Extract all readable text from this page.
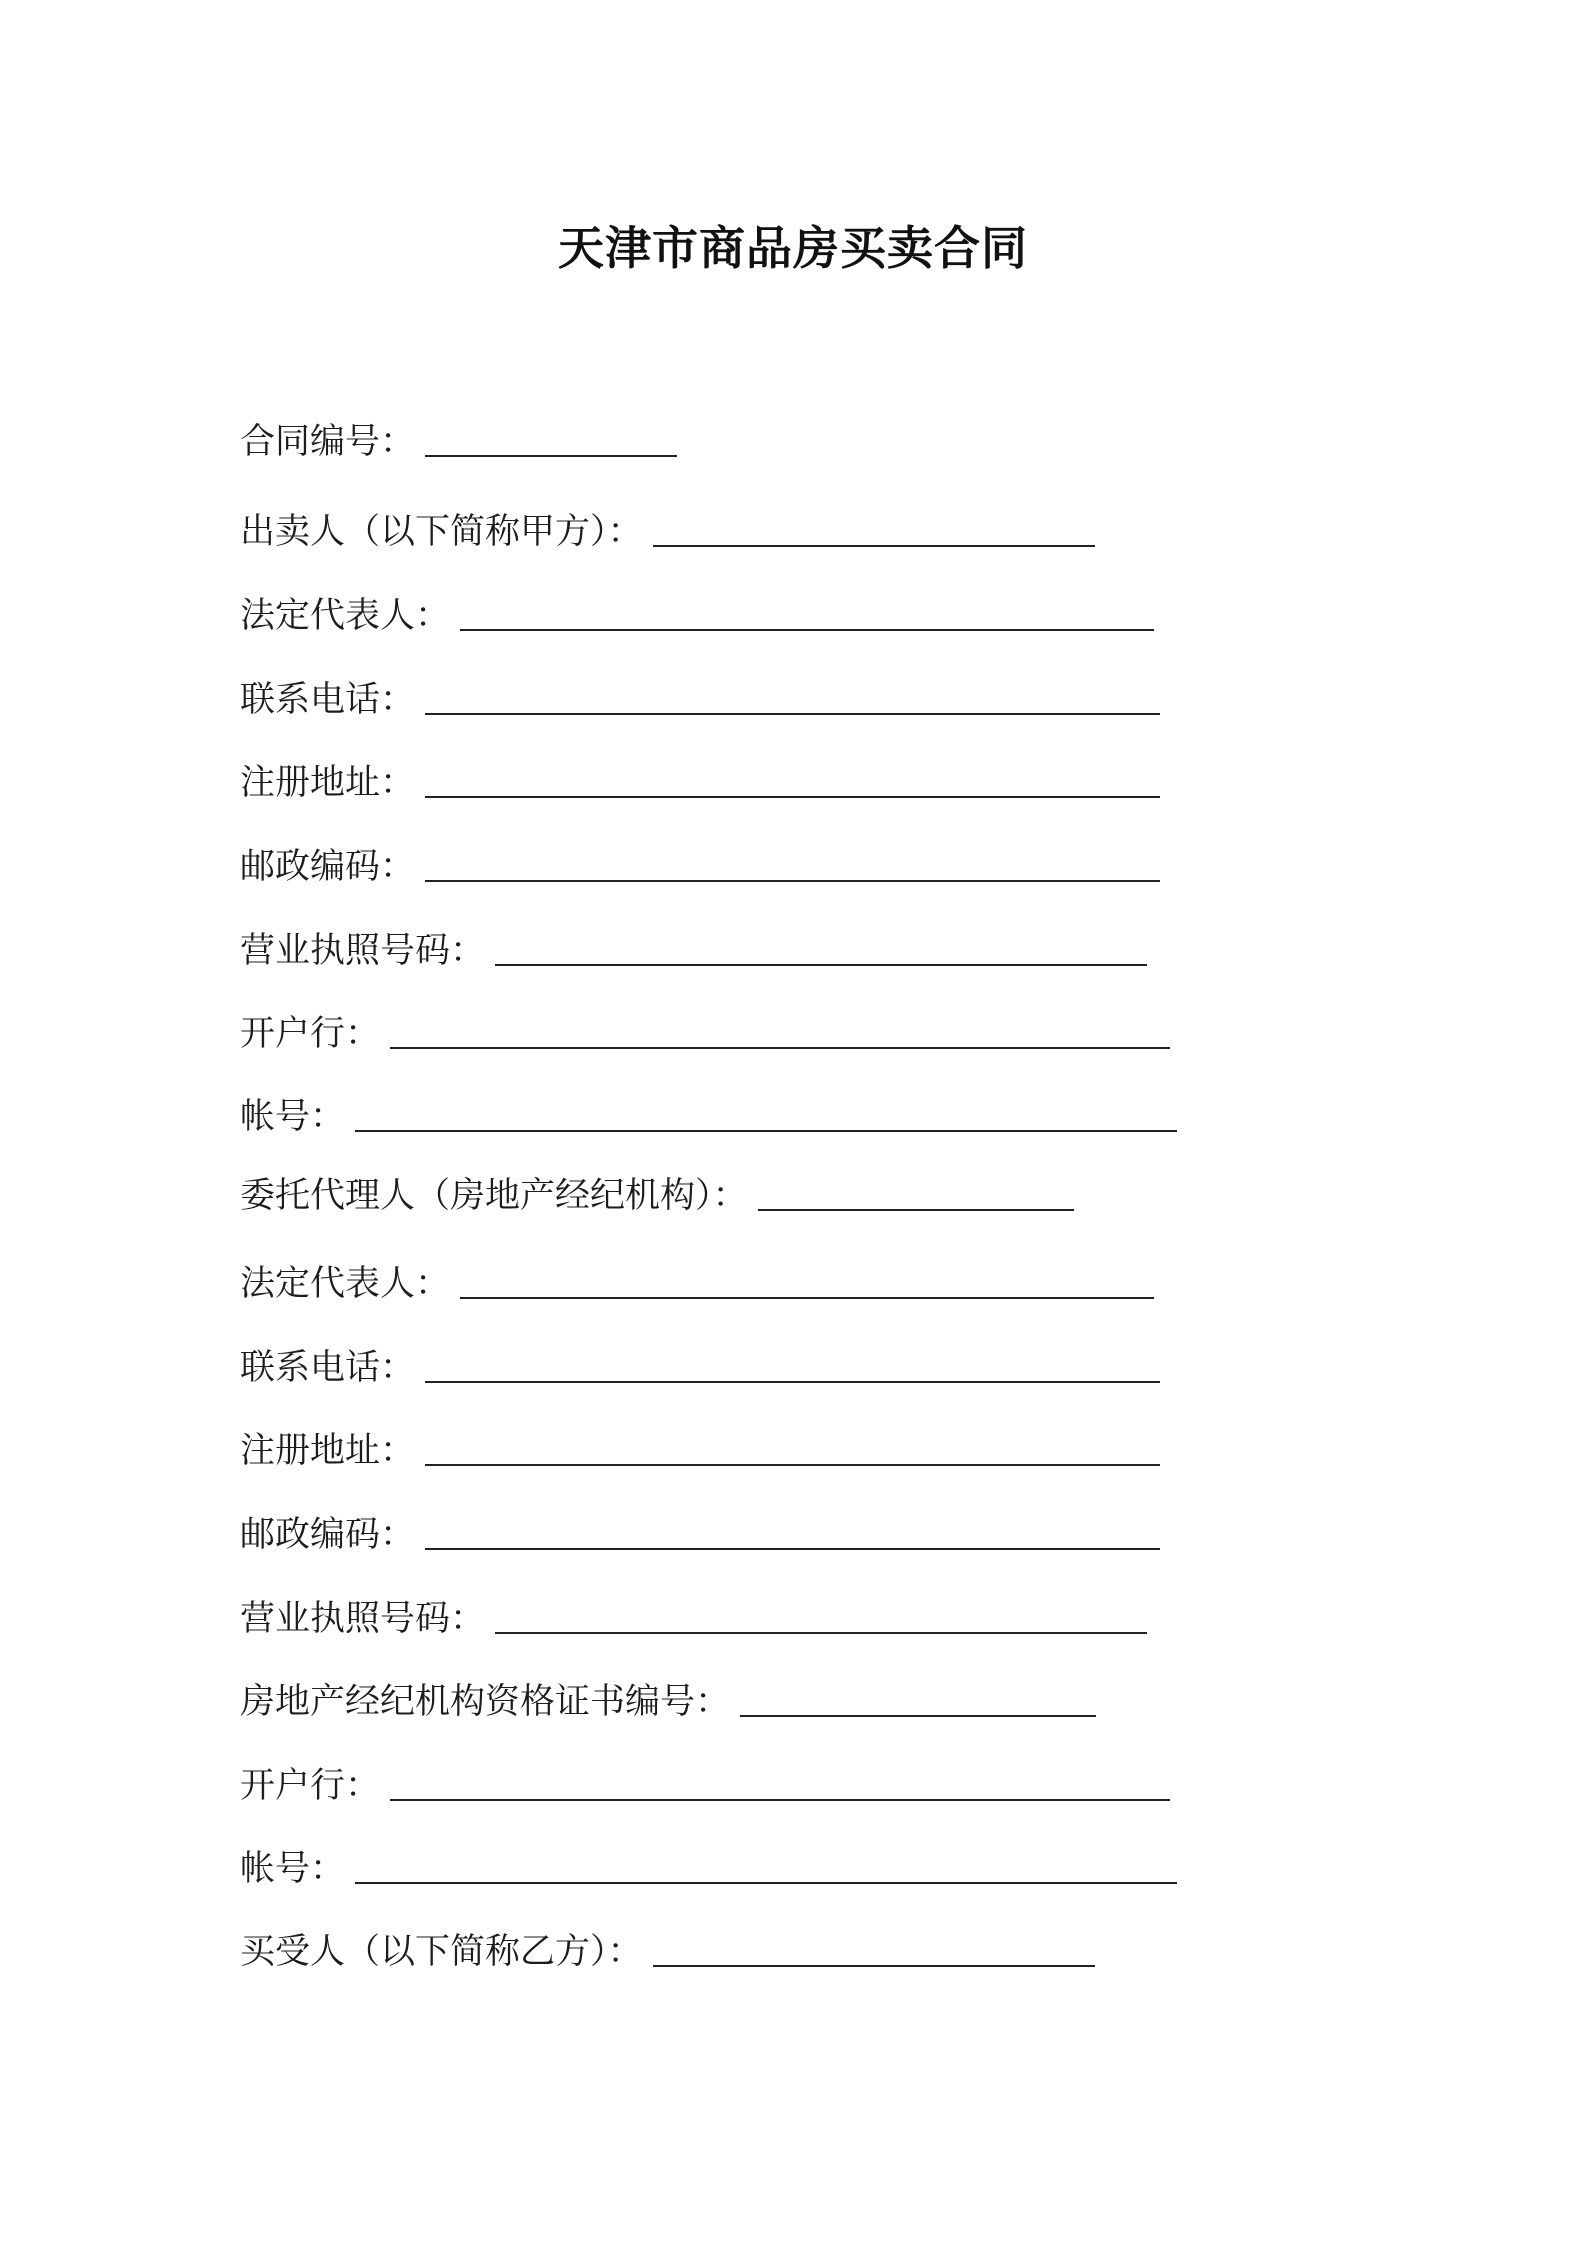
天津市商品房买卖合同
合同编号：
出卖人（以下简称甲方）：
法定代表人：
联系电话：
注册地址：
邮政编码：
营业执照号码：
开户行：
帐号：
委托代理人（房地产经纪机构）：
法定代表人：
联系电话：
注册地址：
邮政编码：
营业执照号码：
房地产经纪机构资格证书编号：
开户行：
帐号：
买受人（以下简称乙方）：
